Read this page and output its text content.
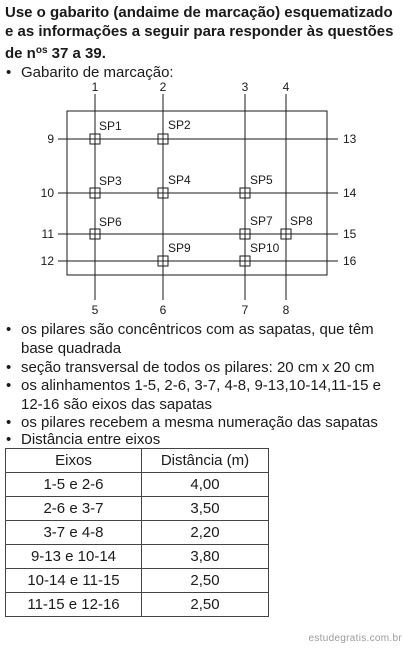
Use o gabarito (andaime de marcação) esquematizado
e as informações a seguir para responder às questões
de $n^{os}$ 37 a 39.
• Gabarito de marcação:
1	2	3	4
5	6	7	8
9
10
11
12
13
14
15
16
SP1	SP2
SP3	SP4	SP5
SP6	SP7 SP8
SP9	SP10
• os pilares são concêntricos com as sapatas, que têm base quadrada
• seção transversal de todos os pilares: 20 cm x 20 cm
• os alinhamentos 1-5, 2-6, 3-7, 4-8, 9-13,10-14,11-15 e 12-16 são eixos das sapatas
• os pilares recebem a mesma numeração das sapatas
• Distância entre eixos
Eixos	Distância (m)
1-5 e 2-6	4,00
2-6 e 3-7	3,50
3-7 e 4-8	2,20
9-13 e 10-14	3,80
10-14 e 11-15	2,50
11-15 e 12-16	2,50
estudegratis.com.br
